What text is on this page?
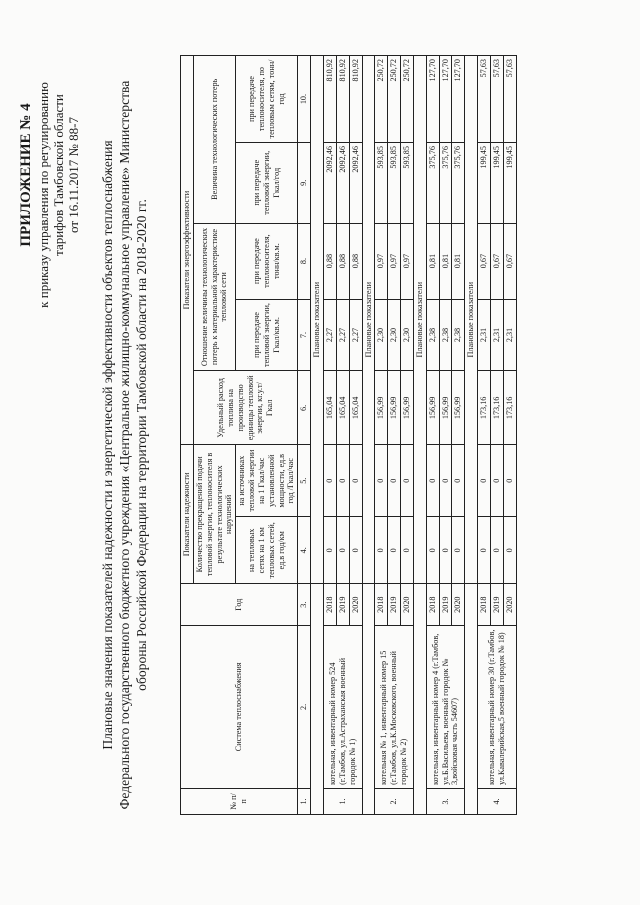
ПРИЛОЖЕНИЕ № 4 к приказу управления по регулированию тарифов Тамбовской области от 16.11.2017 № 88-7 Плановые значения показателей надежности и энергетической эффективности объектов теплоснабжения Федерального государственного бюджетного учреждения «Центральное жилищно-коммунальное управление» Министерства обороны Российской Федерации на территории Тамбовской области на 2018-2020 гг.
№ п/п	Система теплоснабжения	Год	Показатели надежности		Показатели энергоэффективности				
			Количество прекращений подачи тепловой энергии, теплоносителя в результате технологических нарушений		Удельный расход топлива на производство единицы тепловой энергии, кг.у.т/Гкал	Отношение величины технологических потерь к материальной характеристике тепловой сети		Величина технологических потерь	
			на тепловых сетях на 1 км тепловых сетей, ед.в год/км	на источниках тепловой энергии на 1 Гкал/час установленной мощности, ед.в год /Гкал/час					
						при передаче тепловой энергии, Гкал/кв.м.	при передаче теплоносителя, тонн/кв.м.	при передаче тепловой энергии, Гкал/год	при передаче теплоносителя, по тепловым сетям, тонн/год
1.	2.	3.	4.	5.	6.	7.	8.	9.	10.
			Плановые показатели						
1.	котельная, инвентарный номер 524 (г.Тамбов, ул.Астраханская военный городок № 1)	2018	0	0	165,04	2,27	0,88	2092,46	810,92
		2019	0	0	165,04	2,27	0,88	2092,46	810,92
		2020	0	0	165,04	2,27	0,88	2092,46	810,92
			Плановые показатели						
2.	котельная № 1, инвентарный номер 15 (г.Тамбов, ул.К.Московского, военный городок № 2)	2018	0	0	156,99	2,30	0,97	593,85	250,72
		2019	0	0	156,99	2,30	0,97	593,85	250,72
		2020	0	0	156,99	2,30	0,97	593,85	250,72
			Плановые показатели						
3.	котельная, инвентарный номер 4 (г.Тамбов, ул.Б.Васильева, военный городок № 3,войсковая часть 54607)	2018	0	0	156,99	2,38	0,81	375,76	127,70
		2019	0	0	156,99	2,38	0,81	375,76	127,70
		2020	0	0	156,99	2,38	0,81	375,76	127,70
			Плановые показатели						
4.	котельная, инвентарный номер 30 (г.Тамбов, ул.Кавалерийская,5 военный городок № 18)	2018	0	0	173,16	2,31	0,67	199,45	57,63
		2019	0	0	173,16	2,31	0,67	199,45	57,63
		2020	0	0	173,16	2,31	0,67	199,45	57,63
